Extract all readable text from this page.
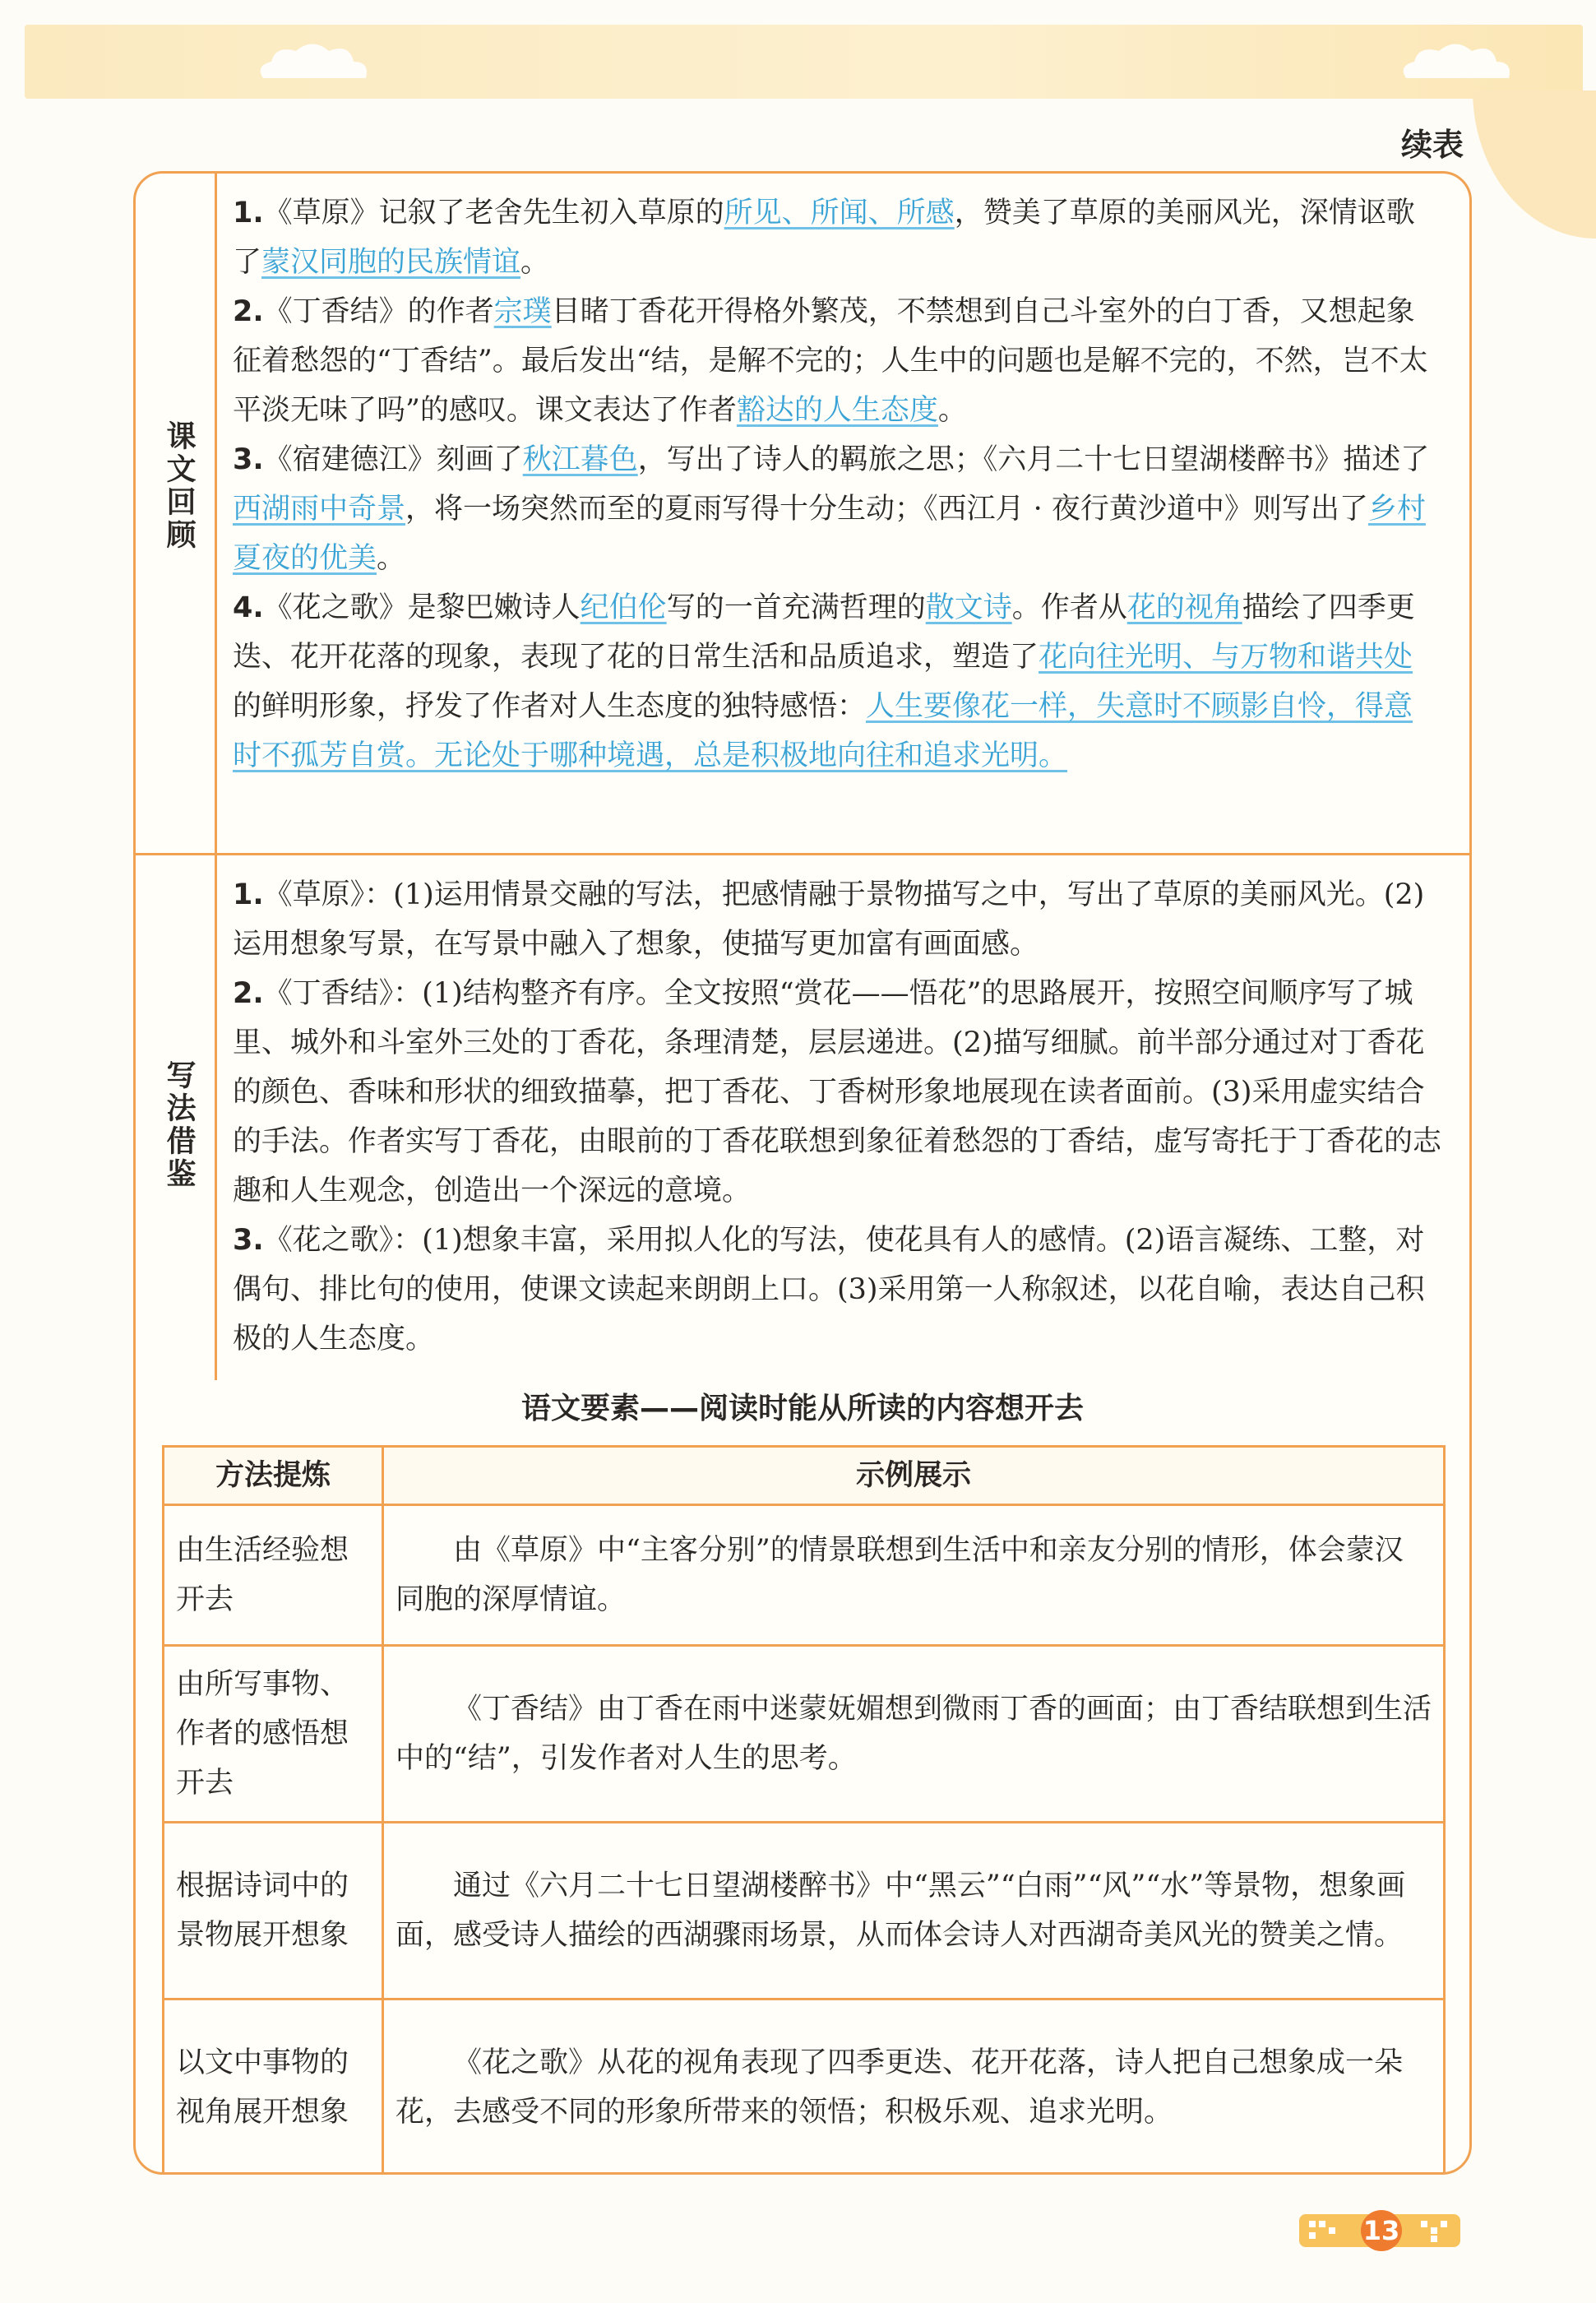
续表
课文回顾

1.《草原》记叙了老舍先生初入草原的所见、所闻、所感，赞美了草原的美丽风光，深情讴歌了蒙汉同胞的民族情谊。

2.《丁香结》的作者宗璞目睹丁香花开得格外繁茂，不禁想到自己斗室外的白丁香，又想起象征着愁怨的“丁香结”。最后发出“结，是解不完的；人生中的问题也是解不完的，不然，岂不太平淡无味了吗”的感叹。课文表达了作者豁达的人生态度。

3.《宿建德江》刻画了秋江暮色，写出了诗人的羁旅之思；《六月二十七日望湖楼醉书》描述了西湖雨中奇景，将一场突然而至的夏雨写得十分生动；《西江月 · 夜行黄沙道中》则写出了乡村夏夜的优美。

4.《花之歌》是黎巴嫩诗人纪伯伦写的一首充满哲理的散文诗。作者从花的视角描绘了四季更迭、花开花落的现象，表现了花的日常生活和品质追求，塑造了花向往光明、与万物和谐共处的鲜明形象，抒发了作者对人生态度的独特感悟：人生要像花一样，失意时不顾影自怜，得意时不孤芳自赏。无论处于哪种境遇，总是积极地向往和追求光明。

写法借鉴

1.《草原》：(1)运用情景交融的写法，把感情融于景物描写之中，写出了草原的美丽风光。(2)运用想象写景，在写景中融入了想象，使描写更加富有画面感。

2.《丁香结》：(1)结构整齐有序。全文按照“赏花——悟花”的思路展开，按照空间顺序写了城里、城外和斗室外三处的丁香花，条理清楚，层层递进。(2)描写细腻。前半部分通过对丁香花的颜色、香味和形状的细致描摹，把丁香花、丁香树形象地展现在读者面前。(3)采用虚实结合的手法。作者实写丁香花，由眼前的丁香花联想到象征着愁怨的丁香结，虚写寄托于丁香花的志趣和人生观念，创造出一个深远的意境。

3.《花之歌》：(1)想象丰富，采用拟人化的写法，使花具有人的感情。(2)语言凝练、工整，对偶句、排比句的使用，使课文读起来朗朗上口。(3)采用第一人称叙述，以花自喻，表达自己积极的人生态度。

语文要素——阅读时能从所读的内容想开去
方法提炼	示例展示
由生活经验想开去	由《草原》中“主客分别”的情景联想到生活中和亲友分别的情形，体会蒙汉同胞的深厚情谊。
由所写事物、作者的感悟想开去	《丁香结》由丁香在雨中迷蒙妩媚想到微雨丁香的画面；由丁香结联想到生活中的“结”，引发作者对人生的思考。
根据诗词中的景物展开想象	通过《六月二十七日望湖楼醉书》中“黑云”“白雨”“风”“水”等景物，想象画面，感受诗人描绘的西湖骤雨场景，从而体会诗人对西湖奇美风光的赞美之情。
以文中事物的视角展开想象	《花之歌》从花的视角表现了四季更迭、花开花落，诗人把自己想象成一朵花，去感受不同的形象所带来的领悟；积极乐观、追求光明。
13
